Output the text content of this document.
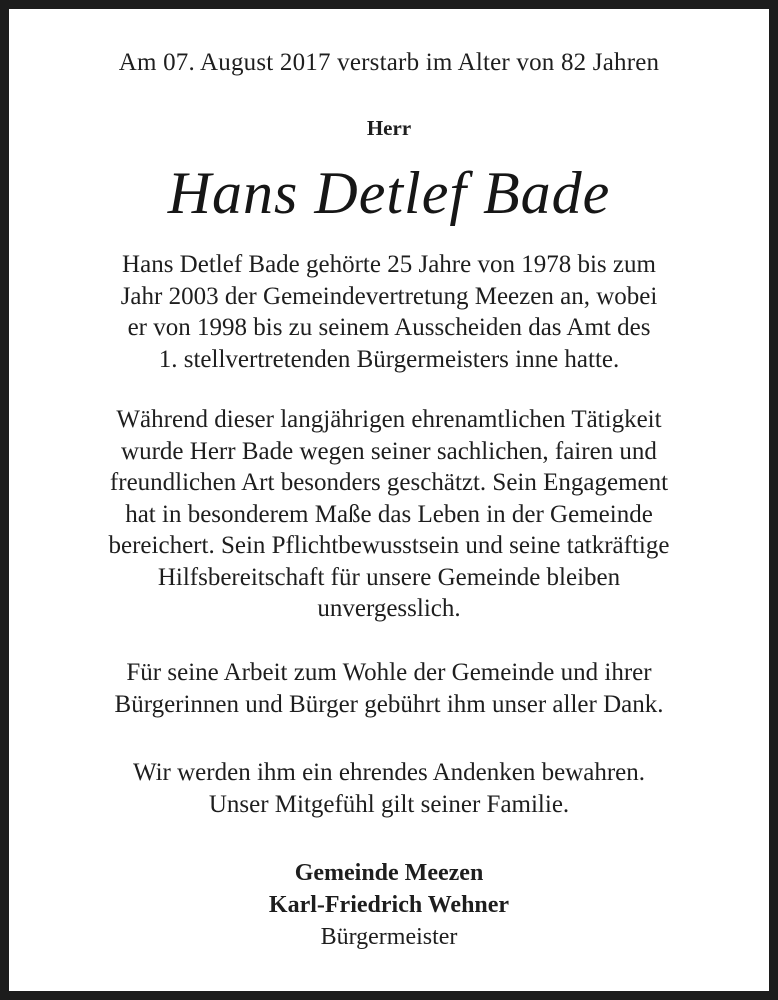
Am 07. August 2017 verstarb im Alter von 82 Jahren
Herr
Hans Detlef Bade

Hans Detlef Bade gehörte 25 Jahre von 1978 bis zum

Jahr 2003 der Gemeindevertretung Meezen an, wobei

er von 1998 bis zu seinem Ausscheiden das Amt des

1. stellvertretenden Bürgermeisters inne hatte.

Während dieser langjährigen ehrenamtlichen Tätigkeit

wurde Herr Bade wegen seiner sachlichen, fairen und

freundlichen Art besonders geschätzt. Sein Engagement

hat in besonderem Maße das Leben in der Gemeinde

bereichert. Sein Pflichtbewusstsein und seine tatkräftige

Hilfsbereitschaft für unsere Gemeinde bleiben

unvergesslich.

Für seine Arbeit zum Wohle der Gemeinde und ihrer

Bürgerinnen und Bürger gebührt ihm unser aller Dank.

Wir werden ihm ein ehrendes Andenken bewahren.

Unser Mitgefühl gilt seiner Familie.

Gemeinde Meezen
Karl-Friedrich Wehner
Bürgermeister
